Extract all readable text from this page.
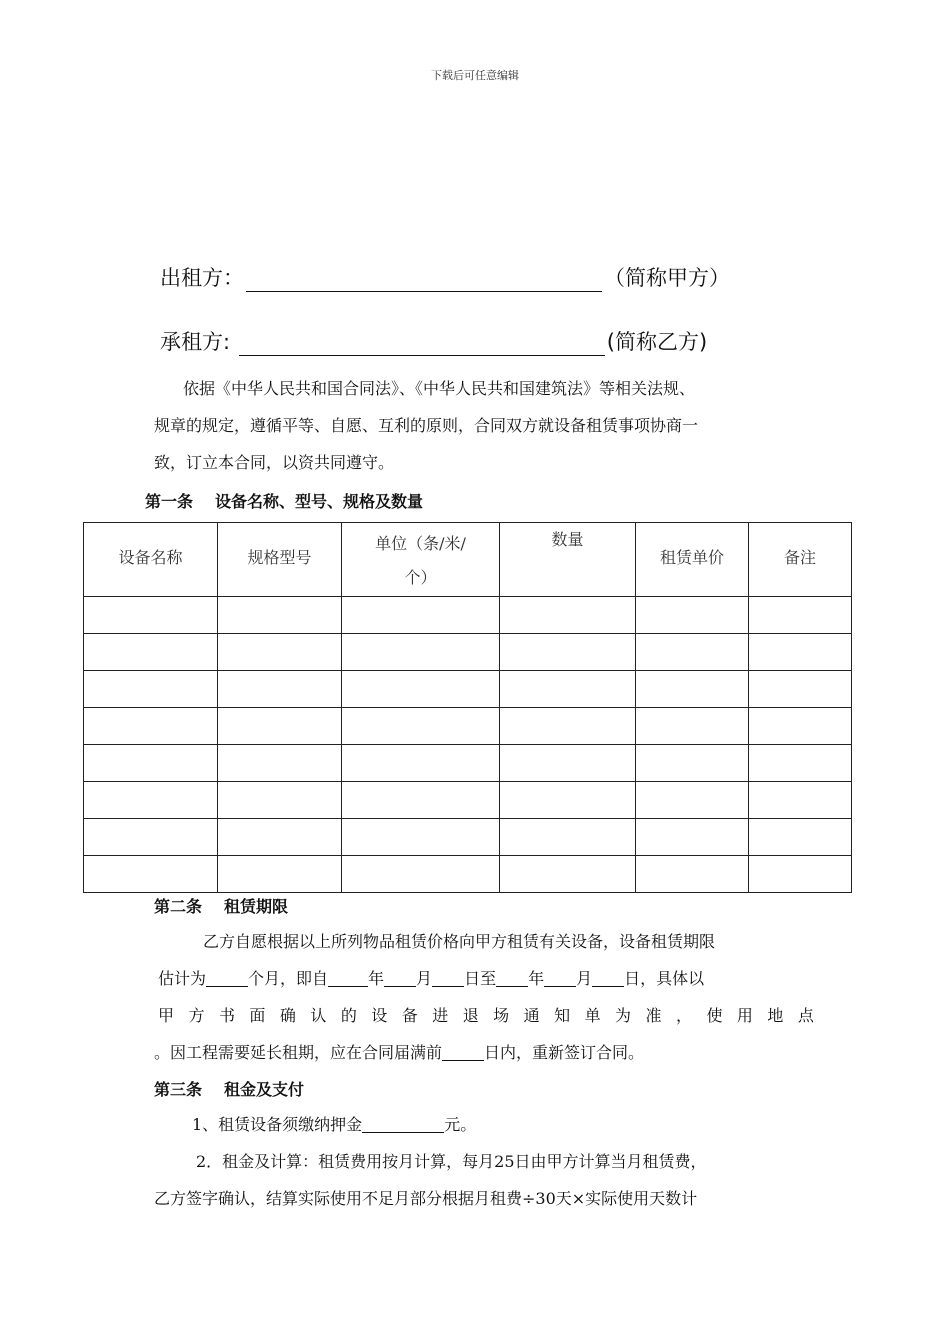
下载后可任意编辑
出租方：	（简称甲方）
承租方:	(简称乙方)
依据《中华人民共和国合同法》、《中华人民共和国建筑法》等相关法规、
规章的规定，遵循平等、自愿、互利的原则，合同双方就设备租赁事项协商一
致，订立本合同，以资共同遵守。
第一条 设备名称、型号、规格及数量
设备名称	规格型号	单位（条/米/
个）	数量	租赁单价	备注

第二条 租赁期限
乙方自愿根据以上所列物品租赁价格向甲方租赁有关设备，设备租赁期限
估计为	个月，即自	年 月 日至 年 月 日，具体以
甲 方 书 面 确 认 的 设 备 进 退 场 通 知 单 为 准 ， 使 用 地 点
。因工程需要延长租期，应在合同届满前	日内，重新签订合同。
第三条 租金及支付
1、租赁设备须缴纳押金	元。
2．租金及计算：租赁费用按月计算，每月25日由甲方计算当月租赁费，
乙方签字确认，结算实际使用不足月部分根据月租费÷30天×实际使用天数计
